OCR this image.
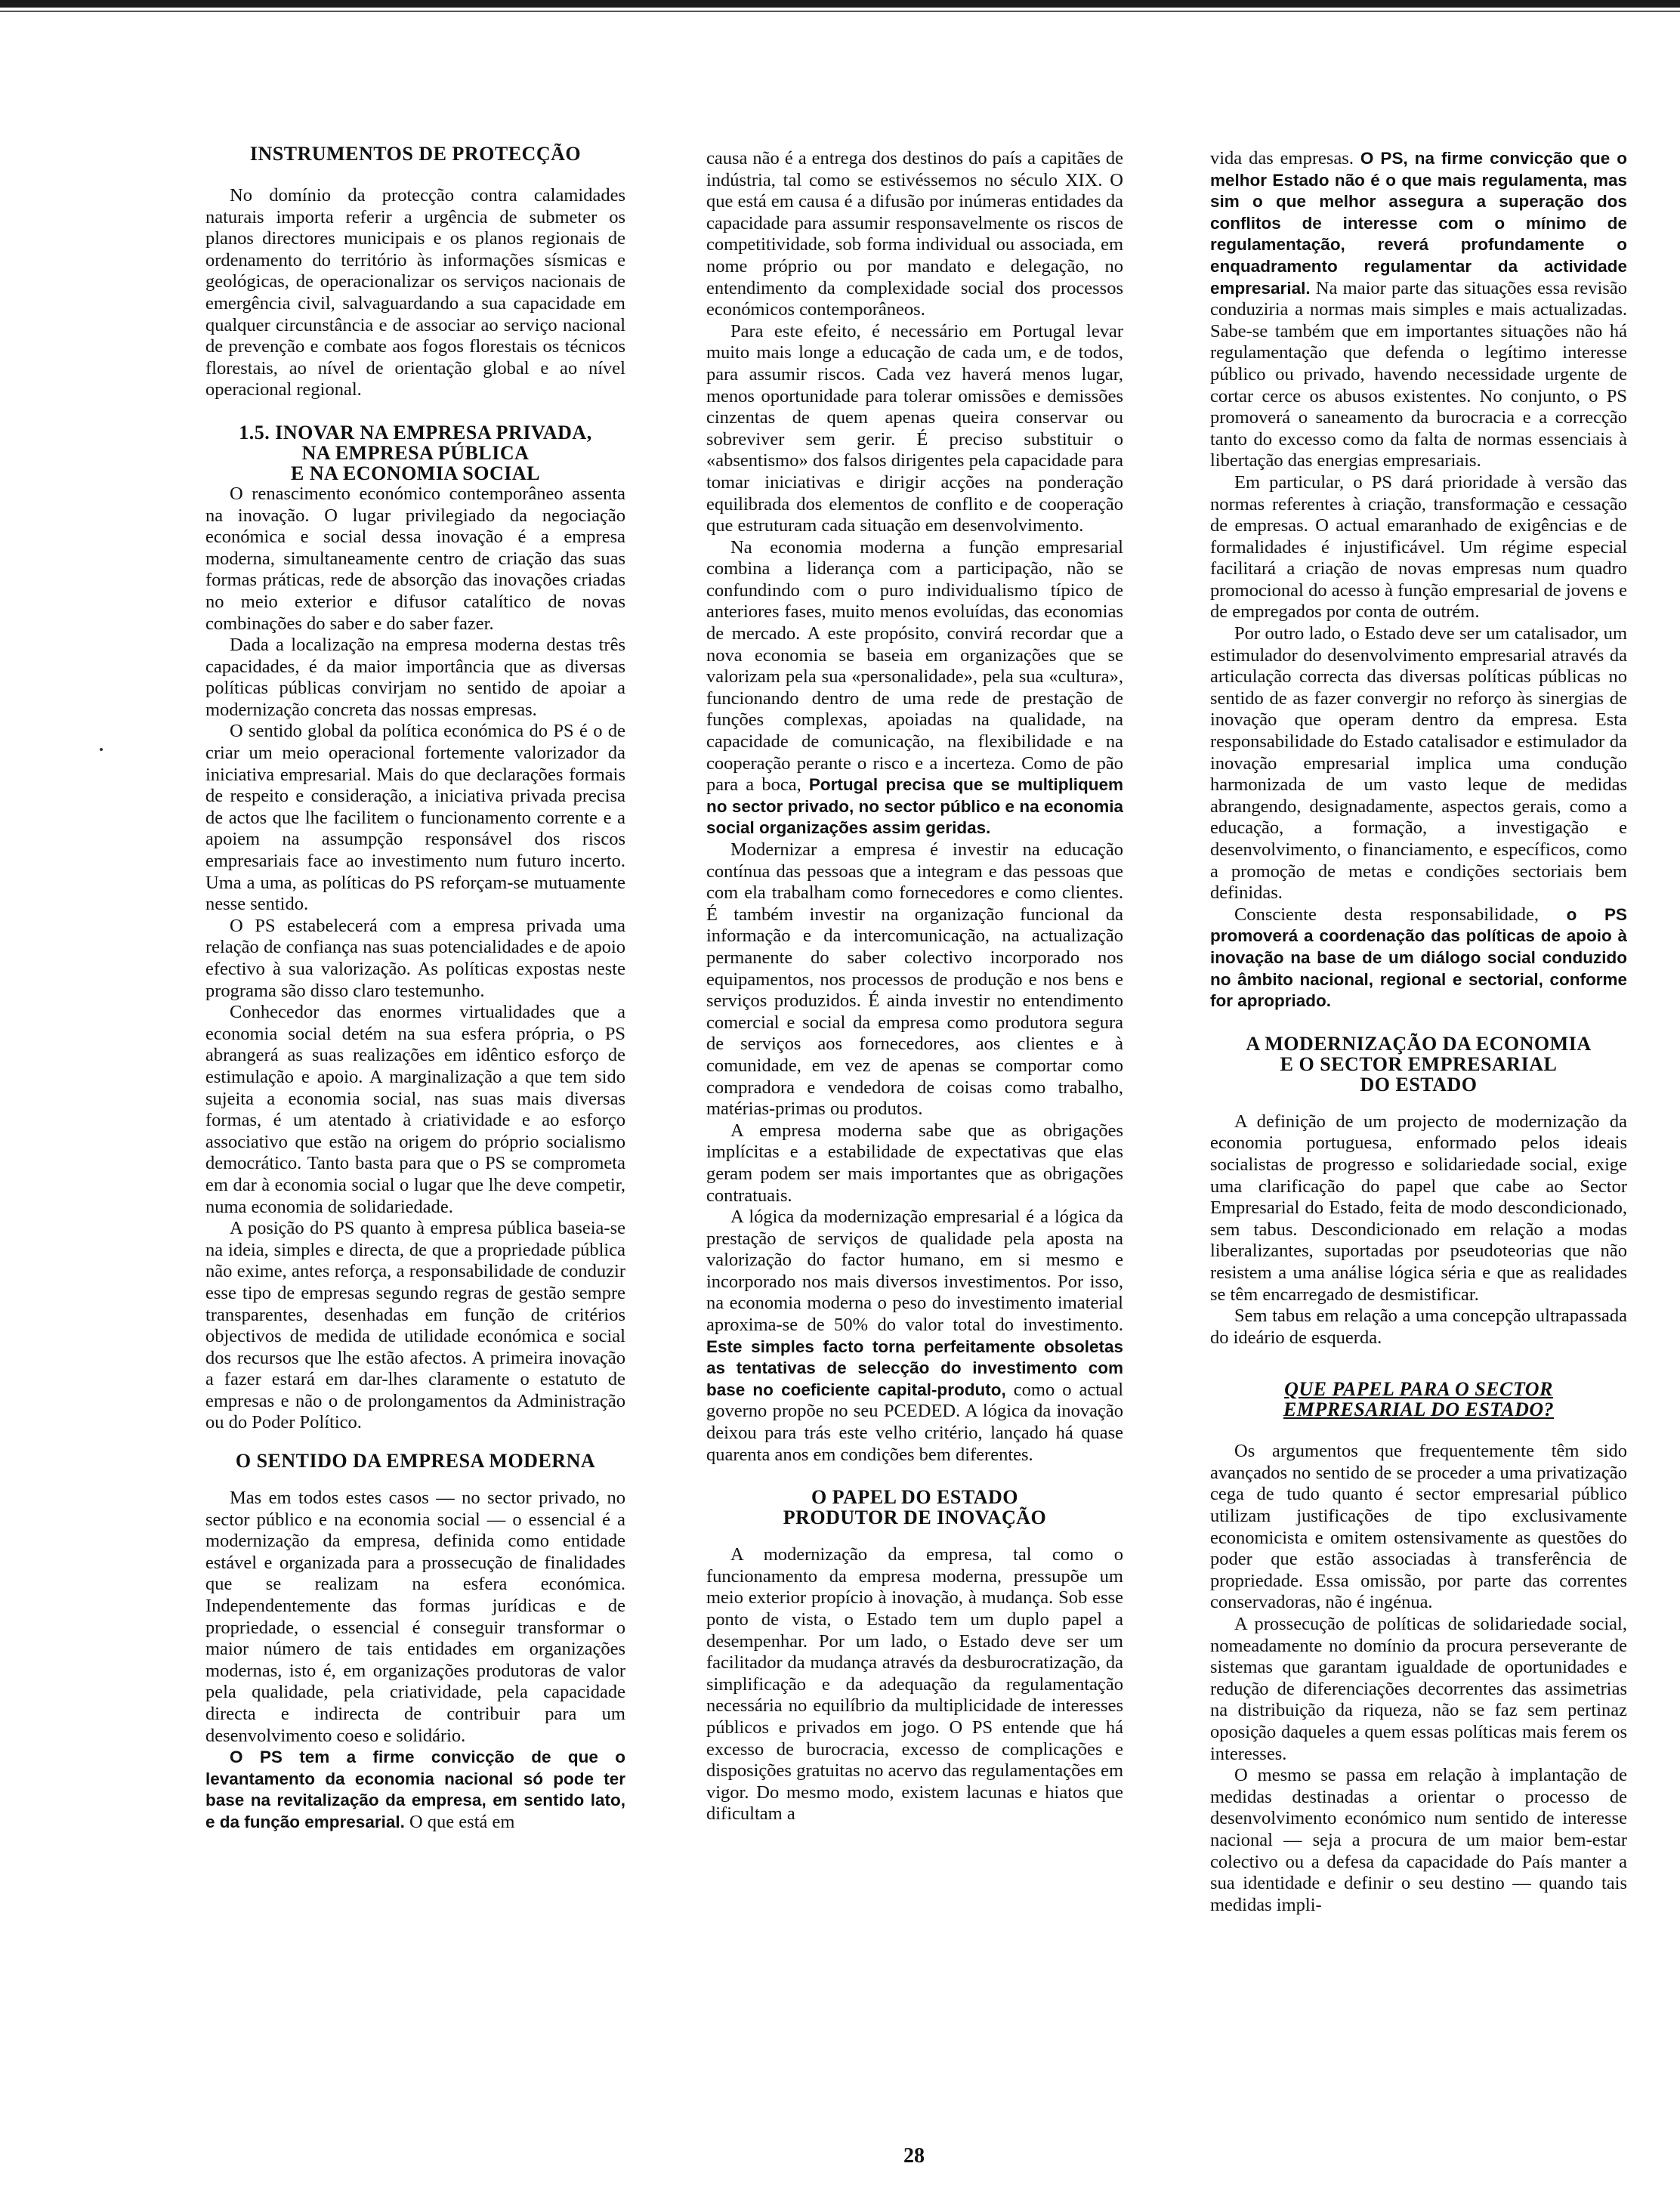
INSTRUMENTOS DE PROTECÇÃO

No domínio da protecção contra calamidades naturais importa referir a urgência de submeter os planos directores municipais e os planos regionais de ordenamento do território às informações sísmicas e geológicas, de operacionalizar os serviços nacionais de emergência civil, salvaguardando a sua capacidade em qualquer circunstância e de associar ao serviço nacional de prevenção e combate aos fogos florestais os técnicos florestais, ao nível de orientação global e ao nível operacional regional.

1.5. INOVAR NA EMPRESA PRIVADA,
NA EMPRESA PÚBLICA
E NA ECONOMIA SOCIAL

O renascimento económico contemporâneo assenta na inovação. O lugar privilegiado da negociação económica e social dessa inovação é a empresa moderna, simultaneamente centro de criação das suas formas práticas, rede de absorção das inovações criadas no meio exterior e difusor catalítico de novas combinações do saber e do saber fazer.

Dada a localização na empresa moderna destas três capacidades, é da maior importância que as diversas políticas públicas convirjam no sentido de apoiar a modernização concreta das nossas empresas.

O sentido global da política económica do PS é o de criar um meio operacional fortemente valorizador da iniciativa empresarial. Mais do que declarações formais de respeito e consideração, a iniciativa privada precisa de actos que lhe facilitem o funcionamento corrente e a apoiem na assumpção responsável dos riscos empresariais face ao investimento num futuro incerto. Uma a uma, as políticas do PS reforçam-se mutuamente nesse sentido.

O PS estabelecerá com a empresa privada uma relação de confiança nas suas potencialidades e de apoio efectivo à sua valorização. As políticas expostas neste programa são disso claro testemunho.

Conhecedor das enormes virtualidades que a economia social detém na sua esfera própria, o PS abrangerá as suas realizações em idêntico esforço de estimulação e apoio. A marginalização a que tem sido sujeita a economia social, nas suas mais diversas formas, é um atentado à criatividade e ao esforço associativo que estão na origem do próprio socialismo democrático. Tanto basta para que o PS se comprometa em dar à economia social o lugar que lhe deve competir, numa economia de solidariedade.

A posição do PS quanto à empresa pública baseia-se na ideia, simples e directa, de que a propriedade pública não exime, antes reforça, a responsabilidade de conduzir esse tipo de empresas segundo regras de gestão sempre transparentes, desenhadas em função de critérios objectivos de medida de utilidade económica e social dos recursos que lhe estão afectos. A primeira inovação a fazer estará em dar-lhes claramente o estatuto de empresas e não o de prolongamentos da Administração ou do Poder Político.

O SENTIDO DA EMPRESA MODERNA

Mas em todos estes casos — no sector privado, no sector público e na economia social — o essencial é a modernização da empresa, definida como entidade estável e organizada para a prossecução de finalidades que se realizam na esfera económica. Independentemente das formas jurídicas e de propriedade, o essencial é conseguir transformar o maior número de tais entidades em organizações modernas, isto é, em organizações produtoras de valor pela qualidade, pela criatividade, pela capacidade directa e indirecta de contribuir para um desenvolvimento coeso e solidário.

O PS tem a firme convicção de que o levantamento da economia nacional só pode ter base na revitalização da empresa, em sentido lato, e da função empresarial. O que está em

causa não é a entrega dos destinos do país a capitães de indústria, tal como se estivéssemos no século XIX. O que está em causa é a difusão por inúmeras entidades da capacidade para assumir responsavelmente os riscos de competitividade, sob forma individual ou associada, em nome próprio ou por mandato e delegação, no entendimento da complexidade social dos processos económicos contemporâneos.

Para este efeito, é necessário em Portugal levar muito mais longe a educação de cada um, e de todos, para assumir riscos. Cada vez haverá menos lugar, menos oportunidade para tolerar omissões e demissões cinzentas de quem apenas queira conservar ou sobreviver sem gerir. É preciso substituir o «absentismo» dos falsos dirigentes pela capacidade para tomar iniciativas e dirigir acções na ponderação equilibrada dos elementos de conflito e de cooperação que estruturam cada situação em desenvolvimento.

Na economia moderna a função empresarial combina a liderança com a participação, não se confundindo com o puro individualismo típico de anteriores fases, muito menos evoluídas, das economias de mercado. A este propósito, convirá recordar que a nova economia se baseia em organizações que se valorizam pela sua «personalidade», pela sua «cultura», funcionando dentro de uma rede de prestação de funções complexas, apoiadas na qualidade, na capacidade de comunicação, na flexibilidade e na cooperação perante o risco e a incerteza. Como de pão para a boca, Portugal precisa que se multipliquem no sector privado, no sector público e na economia social organizações assim geridas.

Modernizar a empresa é investir na educação contínua das pessoas que a integram e das pessoas que com ela trabalham como fornecedores e como clientes. É também investir na organização funcional da informação e da intercomunicação, na actualização permanente do saber colectivo incorporado nos equipamentos, nos processos de produção e nos bens e serviços produzidos. É ainda investir no entendimento comercial e social da empresa como produtora segura de serviços aos fornecedores, aos clientes e à comunidade, em vez de apenas se comportar como compradora e vendedora de coisas como trabalho, matérias-primas ou produtos.

A empresa moderna sabe que as obrigações implícitas e a estabilidade de expectativas que elas geram podem ser mais importantes que as obrigações contratuais.

A lógica da modernização empresarial é a lógica da prestação de serviços de qualidade pela aposta na valorização do factor humano, em si mesmo e incorporado nos mais diversos investimentos. Por isso, na economia moderna o peso do investimento imaterial aproxima-se de 50% do valor total do investimento. Este simples facto torna perfeitamente obsoletas as tentativas de selecção do investimento com base no coeficiente capital-produto, como o actual governo propõe no seu PCEDED. A lógica da inovação deixou para trás este velho critério, lançado há quase quarenta anos em condições bem diferentes.

O PAPEL DO ESTADO
PRODUTOR DE INOVAÇÃO

A modernização da empresa, tal como o funcionamento da empresa moderna, pressupõe um meio exterior propício à inovação, à mudança. Sob esse ponto de vista, o Estado tem um duplo papel a desempenhar. Por um lado, o Estado deve ser um facilitador da mudança através da desburocratização, da simplificação e da adequação da regulamentação necessária no equilíbrio da multiplicidade de interesses públicos e privados em jogo. O PS entende que há excesso de burocracia, excesso de complicações e disposições gratuitas no acervo das regulamentações em vigor. Do mesmo modo, existem lacunas e hiatos que dificultam a

vida das empresas. O PS, na firme convicção que o melhor Estado não é o que mais regulamenta, mas sim o que melhor assegura a superação dos conflitos de interesse com o mínimo de regulamentação, reverá profundamente o enquadramento regulamentar da actividade empresarial. Na maior parte das situações essa revisão conduziria a normas mais simples e mais actualizadas. Sabe-se também que em importantes situações não há regulamentação que defenda o legítimo interesse público ou privado, havendo necessidade urgente de cortar cerce os abusos existentes. No conjunto, o PS promoverá o saneamento da burocracia e a correcção tanto do excesso como da falta de normas essenciais à libertação das energias empresariais.

Em particular, o PS dará prioridade à versão das normas referentes à criação, transformação e cessação de empresas. O actual emaranhado de exigências e de formalidades é injustificável. Um régime especial facilitará a criação de novas empresas num quadro promocional do acesso à função empresarial de jovens e de empregados por conta de outrém.

Por outro lado, o Estado deve ser um catalisador, um estimulador do desenvolvimento empresarial através da articulação correcta das diversas políticas públicas no sentido de as fazer convergir no reforço às sinergias de inovação que operam dentro da empresa. Esta responsabilidade do Estado catalisador e estimulador da inovação empresarial implica uma condução harmonizada de um vasto leque de medidas abrangendo, designadamente, aspectos gerais, como a educação, a formação, a investigação e desenvolvimento, o financiamento, e específicos, como a promoção de metas e condições sectoriais bem definidas.

Consciente desta responsabilidade, o PS promoverá a coordenação das políticas de apoio à inovação na base de um diálogo social conduzido no âmbito nacional, regional e sectorial, conforme for apropriado.

A MODERNIZAÇÃO DA ECONOMIA
E O SECTOR EMPRESARIAL
DO ESTADO

A definição de um projecto de modernização da economia portuguesa, enformado pelos ideais socialistas de progresso e solidariedade social, exige uma clarificação do papel que cabe ao Sector Empresarial do Estado, feita de modo descondicionado, sem tabus. Descondicionado em relação a modas liberalizantes, suportadas por pseudoteorias que não resistem a uma análise lógica séria e que as realidades se têm encarregado de desmistificar.

Sem tabus em relação a uma concepção ultrapassada do ideário de esquerda.

QUE PAPEL PARA O SECTOR
EMPRESARIAL DO ESTADO?

Os argumentos que frequentemente têm sido avançados no sentido de se proceder a uma privatização cega de tudo quanto é sector empresarial público utilizam justificações de tipo exclusivamente economicista e omitem ostensivamente as questões do poder que estão associadas à transferência de propriedade. Essa omissão, por parte das correntes conservadoras, não é ingénua.

A prossecução de políticas de solidariedade social, nomeadamente no domínio da procura perseverante de sistemas que garantam igualdade de oportunidades e redução de diferenciações decorrentes das assimetrias na distribuição da riqueza, não se faz sem pertinaz oposição daqueles a quem essas políticas mais ferem os interesses.

O mesmo se passa em relação à implantação de medidas destinadas a orientar o processo de desenvolvimento económico num sentido de interesse nacional — seja a procura de um maior bem-estar colectivo ou a defesa da capacidade do País manter a sua identidade e definir o seu destino — quando tais medidas impli-

28
